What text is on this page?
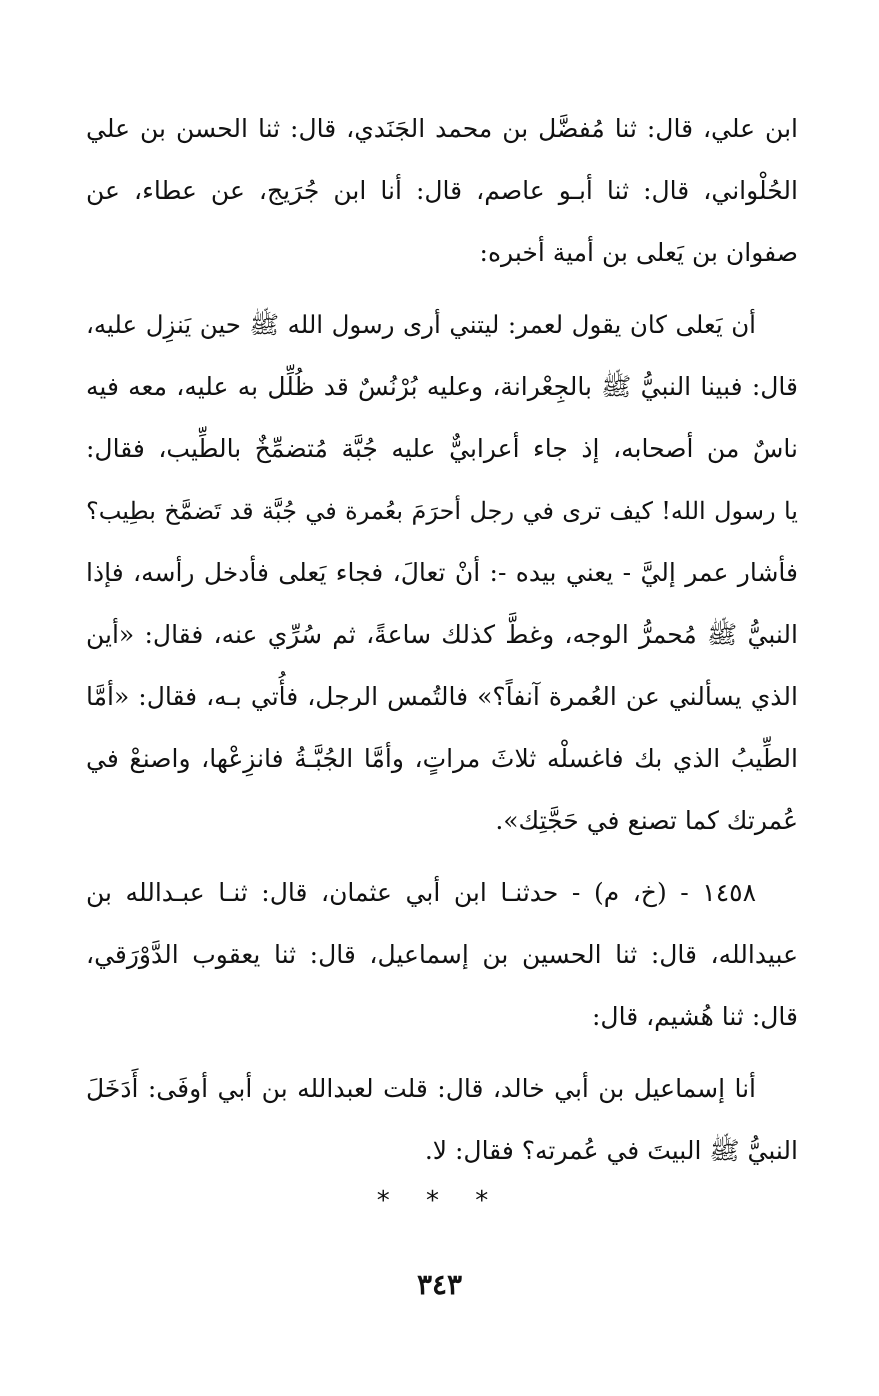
ابن علي، قال: ثنا مُفضَّل بن محمد الجَنَدي، قال: ثنا الحسن بن علي
الحُلْواني، قال: ثنا أبـو عاصم، قال: أنا ابن جُرَيج، عن عطاء، عن
صفوان بن يَعلى بن أمية أخبره:
أن يَعلى كان يقول لعمر: ليتني أرى رسول الله ﷺ حين يَنزِل عليه،
قال: فبينا النبيُّ ﷺ بالجِعْرانة، وعليه بُرْنُسٌ قد ظُلِّل به عليه، معه فيه
ناسٌ من أصحابه، إذ جاء أعرابيٌّ عليه جُبَّة مُتضمِّخٌ بالطِّيب، فقال:
يا رسول الله! كيف ترى في رجل أحرَمَ بعُمرة في جُبَّة قد تَضمَّخ بطِيب؟
فأشار عمر إليَّ - يعني بيده -: أنْ تعالَ، فجاء يَعلى فأدخل رأسه، فإذا
النبيُّ ﷺ مُحمرُّ الوجه، وغطَّ كذلك ساعةً، ثم سُرِّي عنه، فقال: «أين
الذي يسألني عن العُمرة آنفاً؟» فالتُمس الرجل، فأُتي بـه، فقال: «أمَّا
الطِّيبُ الذي بك فاغسلْه ثلاثَ مراتٍ، وأمَّا الجُبَّـةُ فانزِعْها، واصنعْ في
عُمرتك كما تصنع في حَجَّتِك».
١٤٥٨ - (خ، م) - حدثنـا ابن أبي عثمان، قال: ثنـا عبـدالله بن
عبيدالله، قال: ثنا الحسين بن إسماعيل، قال: ثنا يعقوب الدَّوْرَقي،
قال: ثنا هُشيم، قال:
أنا إسماعيل بن أبي خالد، قال: قلت لعبدالله بن أبي أوفَى: أَدَخَلَ
النبيُّ ﷺ البيتَ في عُمرته؟ فقال: لا.
* * *
٣٤٣
